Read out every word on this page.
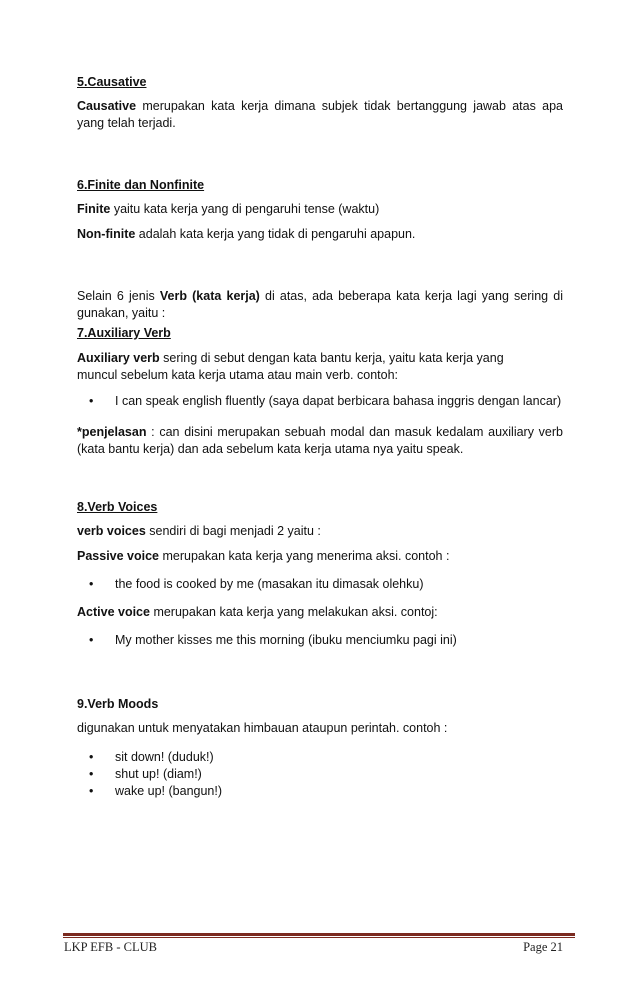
5.Causative
Causative merupakan kata kerja dimana subjek tidak bertanggung jawab atas apa yang telah terjadi.
6.Finite dan Nonfinite
Finite yaitu kata kerja yang di pengaruhi tense (waktu)
Non-finite adalah kata kerja yang tidak di pengaruhi apapun.
Selain 6 jenis Verb (kata kerja) di atas, ada beberapa kata kerja lagi yang sering di gunakan, yaitu :
7.Auxiliary Verb
Auxiliary verb sering di sebut dengan kata bantu kerja, yaitu kata kerja yang muncul sebelum kata kerja utama atau main verb. contoh:
• I can speak english fluently (saya dapat berbicara bahasa inggris dengan lancar)
*penjelasan : can disini merupakan sebuah modal dan masuk kedalam auxiliary verb (kata bantu kerja) dan ada sebelum kata kerja utama nya yaitu speak.
8.Verb Voices
verb voices sendiri di bagi menjadi 2 yaitu :
Passive voice merupakan kata kerja yang menerima aksi. contoh :
• the food is cooked by me (masakan itu dimasak olehku)
Active voice merupakan kata kerja yang melakukan aksi. contoj:
• My mother kisses me this morning (ibuku menciumku pagi ini)
9.Verb Moods
digunakan untuk menyatakan himbauan ataupun perintah. contoh :
• sit down! (duduk!)
• shut up! (diam!)
• wake up! (bangun!)
LKP EFB - CLUB	Page 21
